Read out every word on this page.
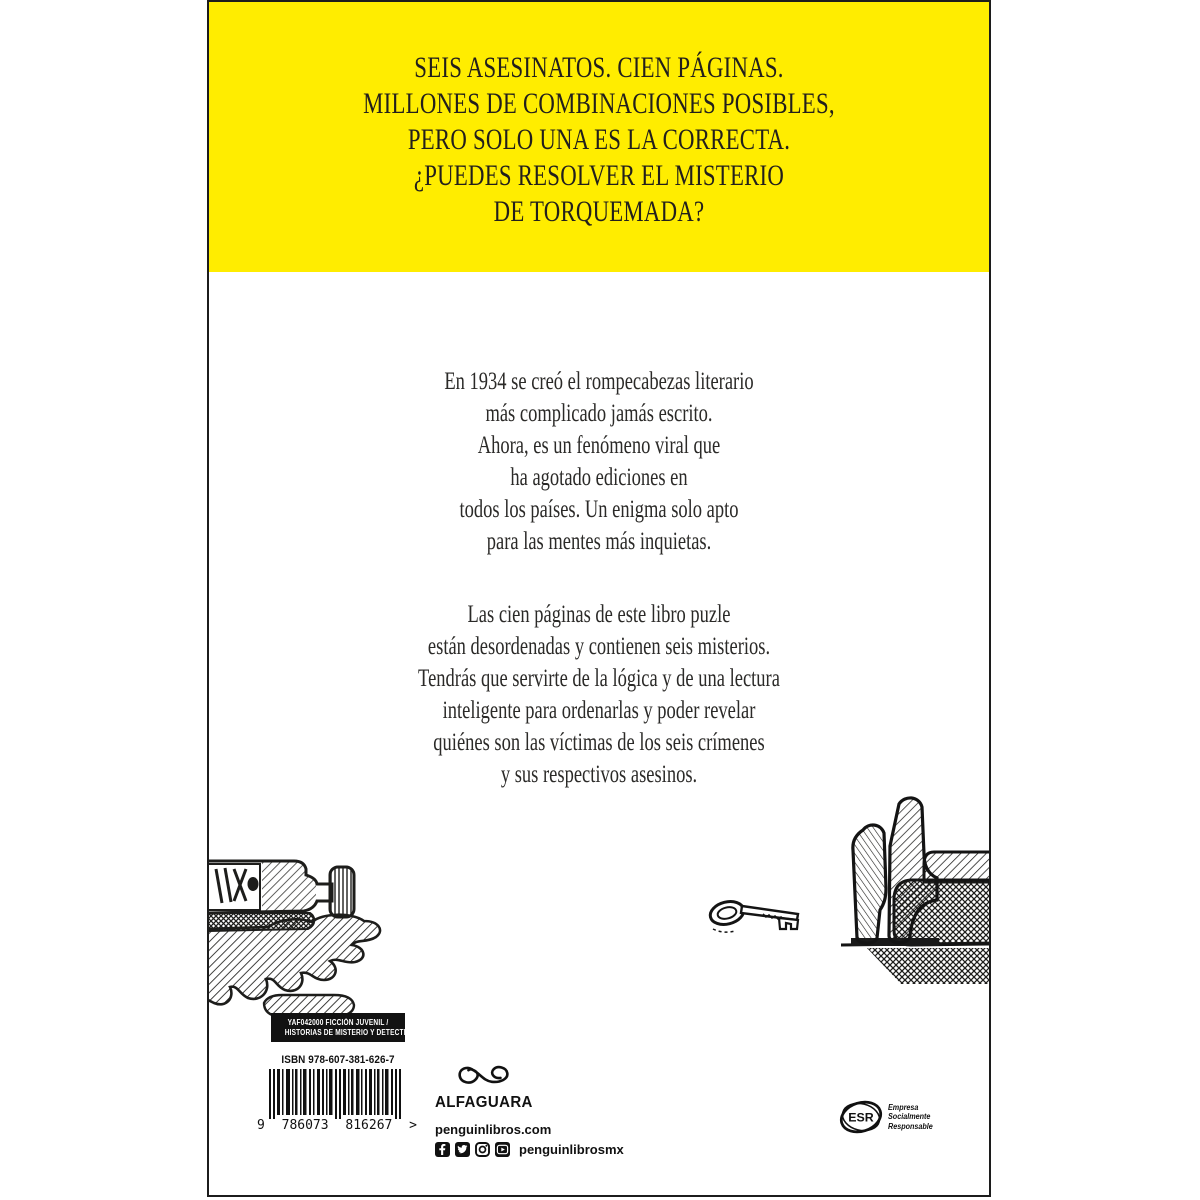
SEIS ASESINATOS. CIEN PÁGINAS.
MILLONES DE COMBINACIONES POSIBLES,
PERO SOLO UNA ES LA CORRECTA.
¿PUEDES RESOLVER EL MISTERIO
DE TORQUEMADA?
En 1934 se creó el rompecabezas literario
más complicado jamás escrito.
Ahora, es un fenómeno viral que
ha agotado ediciones en
todos los países. Un enigma solo apto
para las mentes más inquietas.
Las cien páginas de este libro puzle
están desordenadas y contienen seis misterios.
Tendrás que servirte de la lógica y de una lectura
inteligente para ordenarlas y poder revelar
quiénes son las víctimas de los seis crímenes
y sus respectivos asesinos.
YAF042000 FICCIÓN JUVENIL /
HISTORIAS DE MISTERIO Y DETECTIVES
ISBN 978-607-381-626-7
9 786073 816267 >
ALFAGUARA
penguinlibros.com
penguinlibrosmx
ESR
Empresa
Socialmente
Responsable
